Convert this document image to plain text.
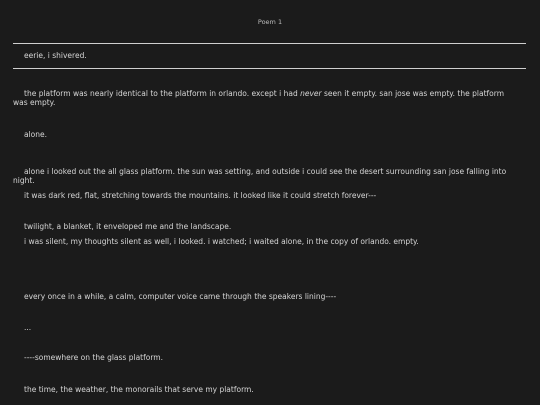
Poem 1
eerie, i shivered.

the platform was nearly identical to the platform in orlando. except i had never seen it empty. san jose was empty. the platform was empty.

alone.

alone i looked out the all glass platform. the sun was setting, and outside i could see the desert surrounding san jose falling into night.

it was dark red, flat, stretching towards the mountains. it looked like it could stretch forever---

twilight, a blanket, it enveloped me and the landscape.

i was silent, my thoughts silent as well, i looked. i watched; i waited alone, in the copy of orlando. empty.

every once in a while, a calm, computer voice came through the speakers lining----

...

----somewhere on the glass platform.

the time, the weather, the monorails that serve my platform.
